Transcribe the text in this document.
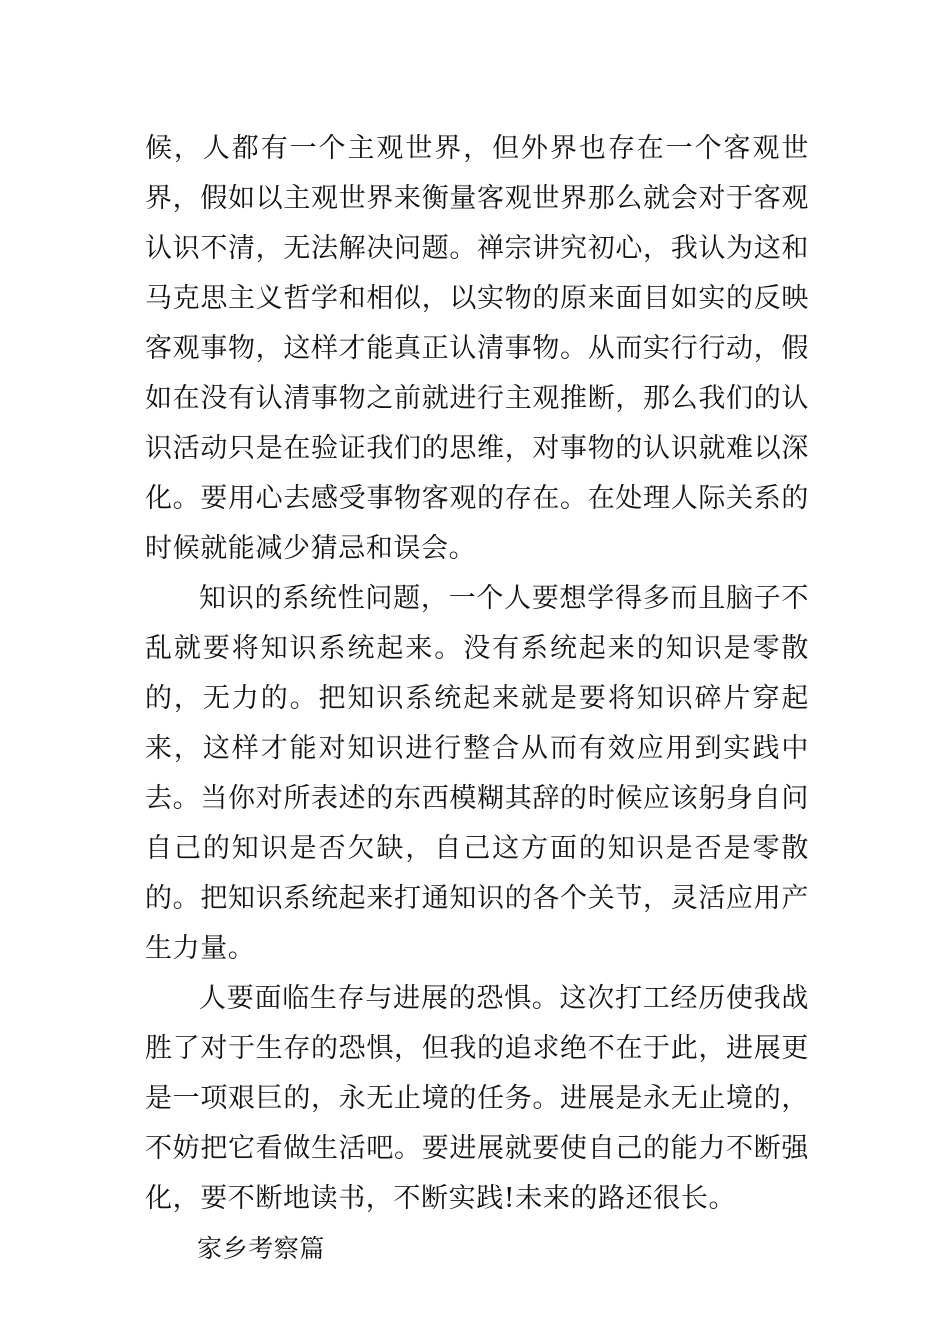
候，人都有一个主观世界，但外界也存在一个客观世界，假如以主观世界来衡量客观世界那么就会对于客观认识不清，无法解决问题。禅宗讲究初心，我认为这和马克思主义哲学和相似，以实物的原来面目如实的反映客观事物，这样才能真正认清事物。从而实行行动，假如在没有认清事物之前就进行主观推断，那么我们的认识活动只是在验证我们的思维，对事物的认识就难以深化。要用心去感受事物客观的存在。在处理人际关系的时候就能减少猜忌和误会。

知识的系统性问题，一个人要想学得多而且脑子不乱就要将知识系统起来。没有系统起来的知识是零散的，无力的。把知识系统起来就是要将知识碎片穿起来，这样才能对知识进行整合从而有效应用到实践中去。当你对所表述的东西模糊其辞的时候应该躬身自问自己的知识是否欠缺，自己这方面的知识是否是零散的。把知识系统起来打通知识的各个关节，灵活应用产生力量。

人要面临生存与进展的恐惧。这次打工经历使我战胜了对于生存的恐惧，但我的追求绝不在于此，进展更是一项艰巨的，永无止境的任务。进展是永无止境的，不妨把它看做生活吧。要进展就要使自己的能力不断强化，要不断地读书，不断实践!未来的路还很长。

家乡考察篇
